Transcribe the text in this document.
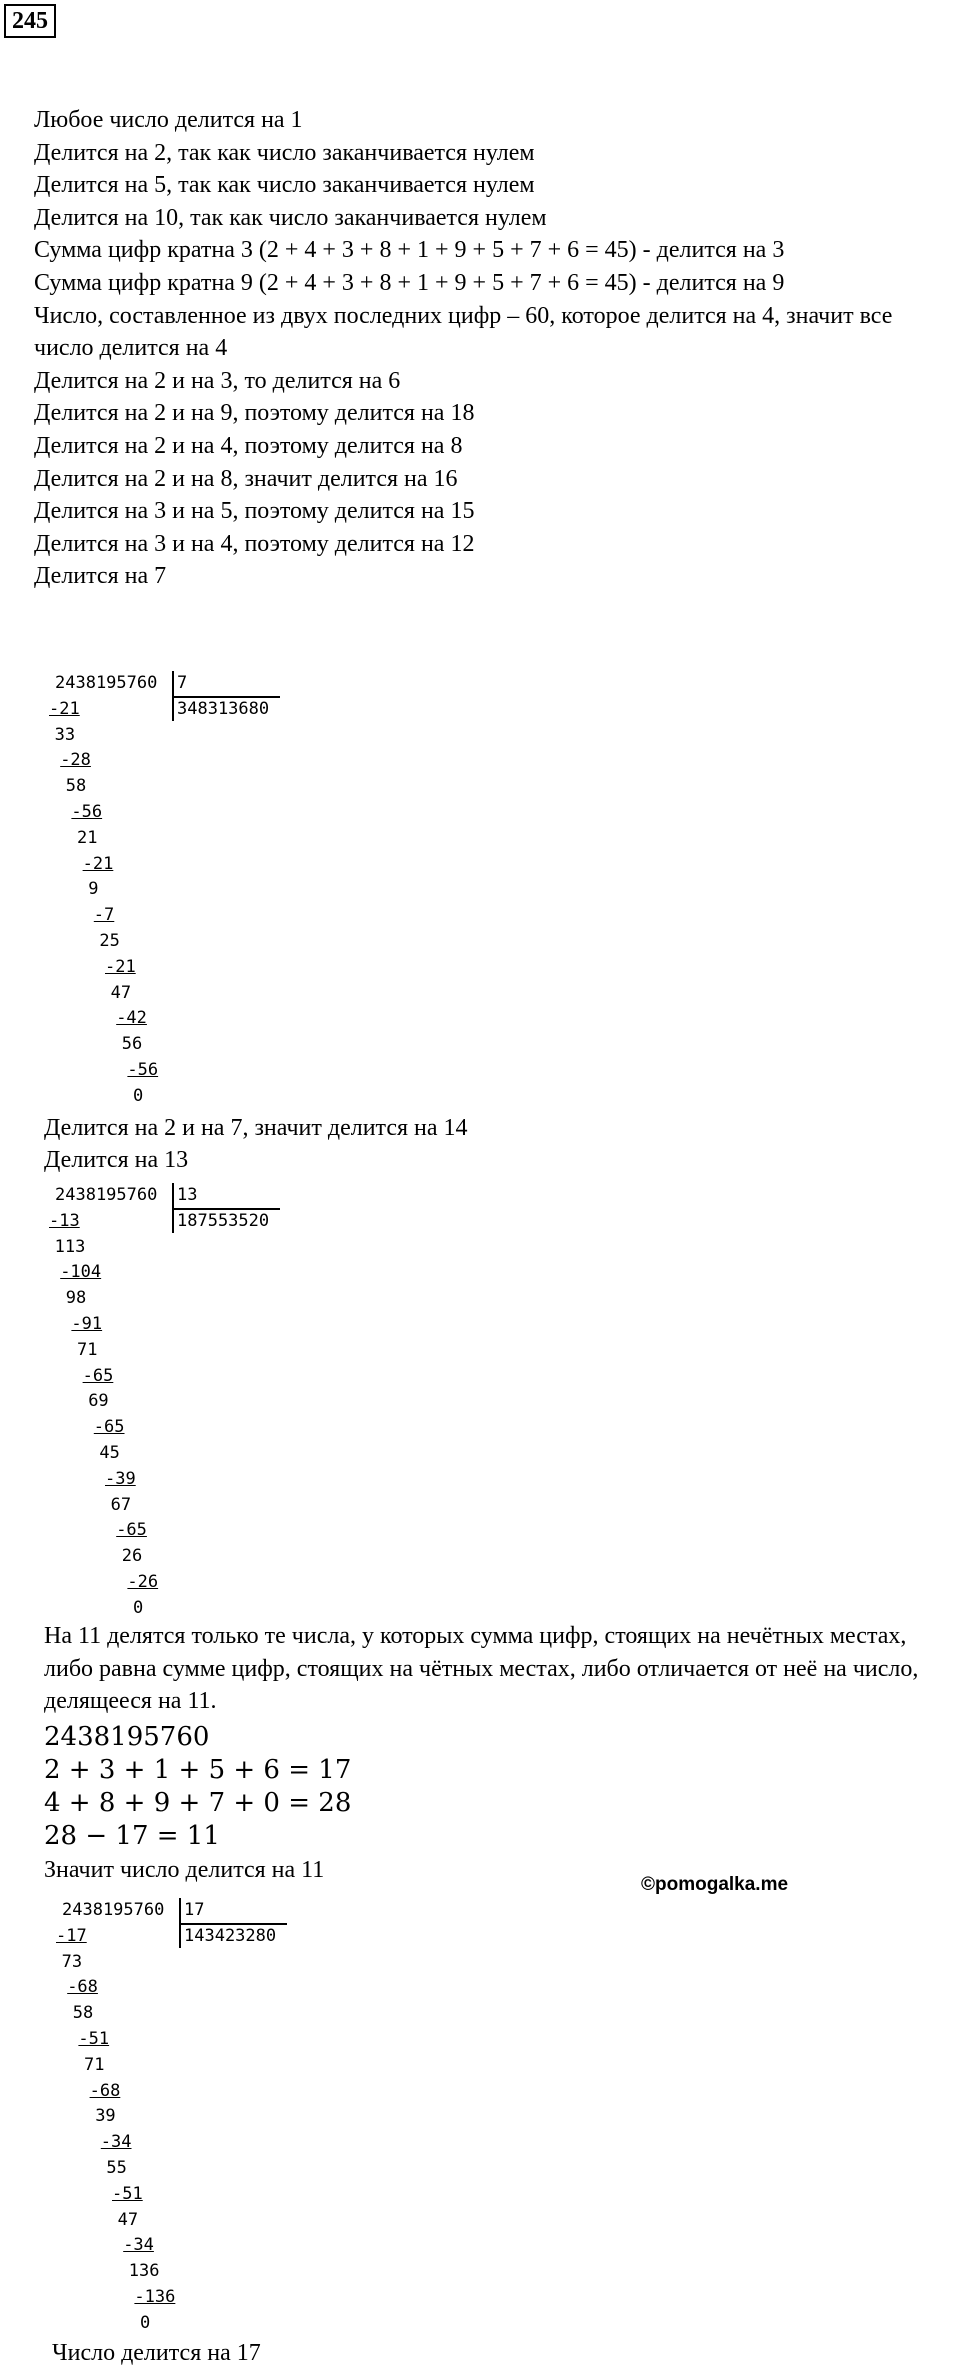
245

Любое число делится на 1

Делится на 2, так как число заканчивается нулем

Делится на 5, так как число заканчивается нулем

Делится на 10, так как число заканчивается нулем

Сумма цифр кратна 3 (2 + 4 + 3 + 8 + 1 + 9 + 5 + 7 + 6 = 45) - делится на 3

Сумма цифр кратна 9 (2 + 4 + 3 + 8 + 1 + 9 + 5 + 7 + 6 = 45) - делится на 9

Число, составленное из двух последних цифр – 60, которое делится на 4, значит все число делится на 4

Делится на 2 и на 3, то делится на 6

Делится на 2 и на 9, поэтому делится на 18

Делится на 2 и на 4, поэтому делится на 8

Делится на 2 и на 8, значит делится на 16

Делится на 3 и на 5, поэтому делится на 15

Делится на 3 и на 4, поэтому делится на 12

Делится на 7

2438195760 7
348313680
-21
33
-28
58
-56
21
-21
9
-7
25
-21
47
-42
56
-56
0
Делится на 2 и на 7, значит делится на 14
Делится на 13
2438195760 13
187553520
-13
113
-104
98
-91
71
-65
69
-65
45
-39
67
-65
26
-26
0

На 11 делятся только те числа, у которых сумма цифр, стоящих на нечётных местах, либо равна сумме цифр, стоящих на чётных местах, либо отличается от неё на число, делящееся на 11.

2438195760
2 + 3 + 1 + 5 + 6 = 17
4 + 8 + 9 + 7 + 0 = 28
28 − 17 = 11
Значит число делится на 11
©pomogalka.me
2438195760 17
143423280
-17
73
-68
58
-51
71
-68
39
-34
55
-51
47
-34
136
-136
0
Число делится на 17
